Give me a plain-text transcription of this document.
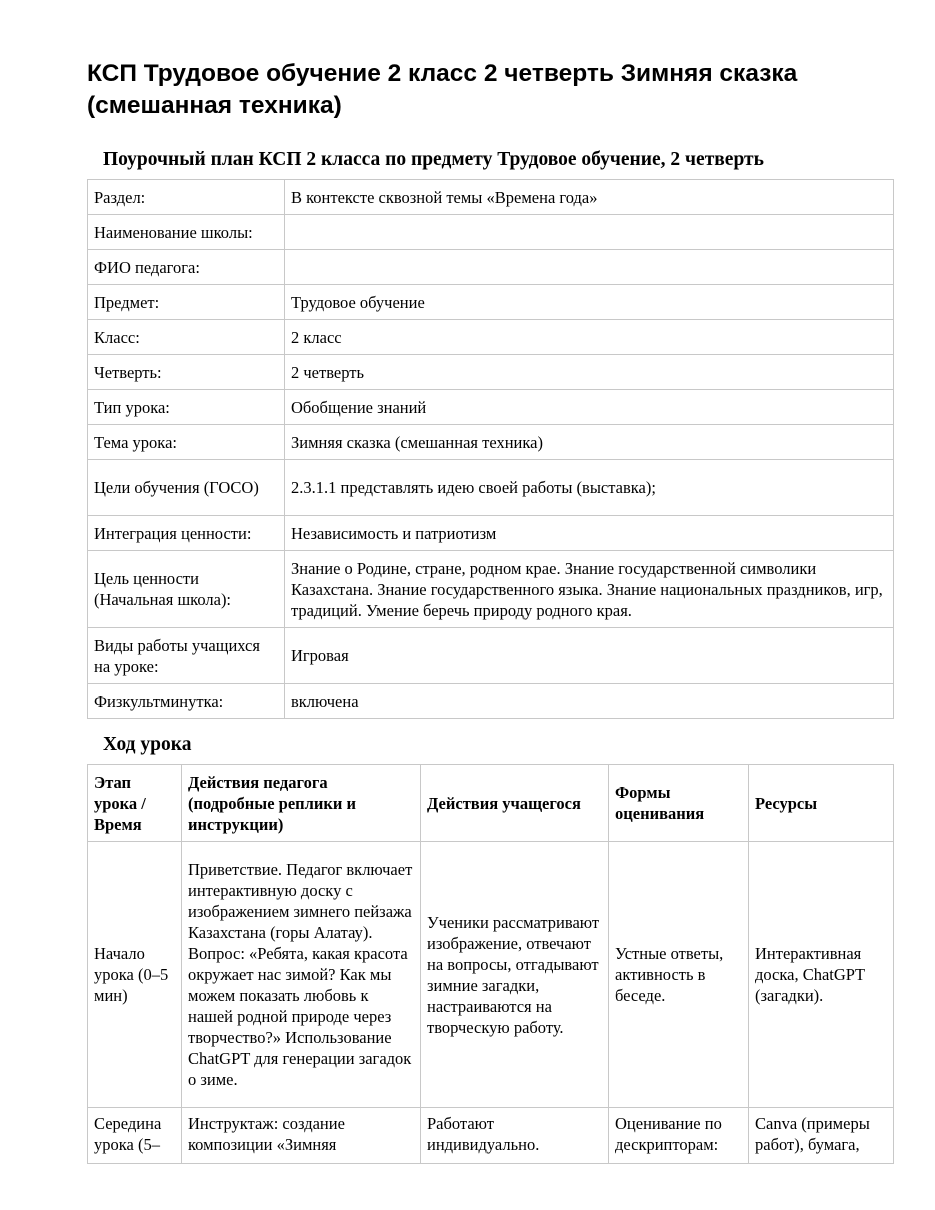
КСП Трудовое обучение 2 класс 2 четверть Зимняя сказка (смешанная техника)
Поурочный план КСП 2 класса по предмету Трудовое обучение, 2 четверть
Раздел:	В контексте сквозной темы «Времена года»
Наименование школы:	
ФИО педагога:	
Предмет:	Трудовое обучение
Класс:	2 класс
Четверть:	2 четверть
Тип урока:	Обобщение знаний
Тема урока:	Зимняя сказка (смешанная техника)
Цели обучения (ГОСО)	2.3.1.1 представлять идею своей работы (выставка);
Интеграция ценности:	Независимость и патриотизм
Цель ценности (Начальная школа):	Знание о Родине, стране, родном крае. Знание государственной символики Казахстана. Знание государственного языка. Знание национальных праздников, игр, традиций. Умение беречь природу родного края.
Виды работы учащихся на уроке:	Игровая
Физкультминутка:	включена
Ход урока
Этап урока / Время	Действия педагога (подробные реплики и инструкции)	Действия учащегося	Формы оценивания	Ресурсы
Начало урока (0–5 мин)	Приветствие. Педагог включает интерактивную доску с изображением зимнего пейзажа Казахстана (горы Алатау). Вопрос: «Ребята, какая красота окружает нас зимой? Как мы можем показать любовь к нашей родной природе через творчество?» Использование ChatGPT для генерации загадок о зиме.	Ученики рассматривают изображение, отвечают на вопросы, отгадывают зимние загадки, настраиваются на творческую работу.	Устные ответы, активность в беседе.	Интерактивная доска, ChatGPT (загадки).
Середина урока (5–	Инструктаж: создание композиции «Зимняя	Работают индивидуально.	Оценивание по дескрипторам:	Canva (примеры работ), бумага,
